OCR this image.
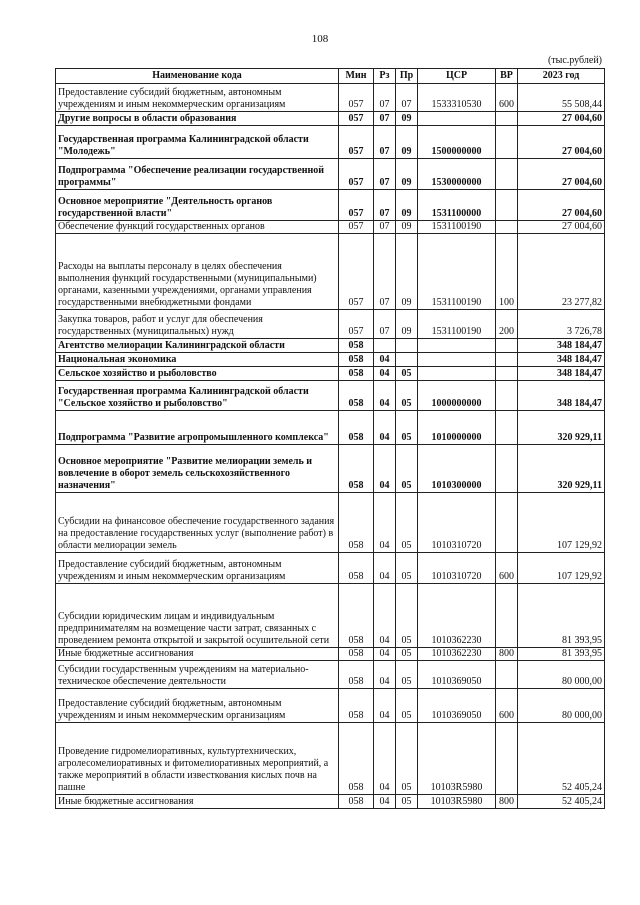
108
(тыс.рублей)
Наименование кода	Мин	Рз	Пр	ЦСР	ВР	2023 год
Предоставление субсидий бюджетным, автономным учреждениям и иным некоммерческим организациям	057	07	07	1533310530	600	55 508,44
Другие вопросы в области образования	057	07	09			27 004,60
Государственная программа Калининградской области "Молодежь"	057	07	09	1500000000		27 004,60
Подпрограмма "Обеспечение реализации государственной программы"	057	07	09	1530000000		27 004,60
Основное мероприятие "Деятельность органов государственной власти"	057	07	09	1531100000		27 004,60
Обеспечение функций государственных органов	057	07	09	1531100190		27 004,60
Расходы на выплаты персоналу в целях обеспечения выполнения функций государственными (муниципальными) органами, казенными учреждениями, органами управления государственными внебюджетными фондами	057	07	09	1531100190	100	23 277,82
Закупка товаров, работ и услуг для обеспечения государственных (муниципальных) нужд	057	07	09	1531100190	200	3 726,78
Агентство мелиорации Калининградской области	058					348 184,47
Национальная экономика	058	04				348 184,47
Сельское хозяйство и рыболовство	058	04	05			348 184,47
Государственная программа Калининградской области "Сельское хозяйство и рыболовство"	058	04	05	1000000000		348 184,47
Подпрограмма "Развитие агропромышленного комплекса"	058	04	05	1010000000		320 929,11
Основное мероприятие "Развитие мелиорации земель и вовлечение в оборот земель сельскохозяйственного назначения"	058	04	05	1010300000		320 929,11
Субсидии на финансовое обеспечение государственного задания на предоставление государственных услуг (выполнение работ) в области мелиорации земель	058	04	05	1010310720		107 129,92
Предоставление субсидий бюджетным, автономным учреждениям и иным некоммерческим организациям	058	04	05	1010310720	600	107 129,92
Субсидии юридическим лицам и индивидуальным предпринимателям на возмещение части затрат, связанных с проведением ремонта открытой и закрытой осушительной сети	058	04	05	1010362230		81 393,95
Иные бюджетные ассигнования	058	04	05	1010362230	800	81 393,95
Субсидии государственным учреждениям на материально-техническое обеспечение деятельности	058	04	05	1010369050		80 000,00
Предоставление субсидий бюджетным, автономным учреждениям и иным некоммерческим организациям	058	04	05	1010369050	600	80 000,00
Проведение гидромелиоративных, культуртехнических, агролесомелиоративных и фитомелиоративных мероприятий, а также мероприятий в области известкования кислых почв на пашне	058	04	05	10103R5980		52 405,24
Иные бюджетные ассигнования	058	04	05	10103R5980	800	52 405,24
